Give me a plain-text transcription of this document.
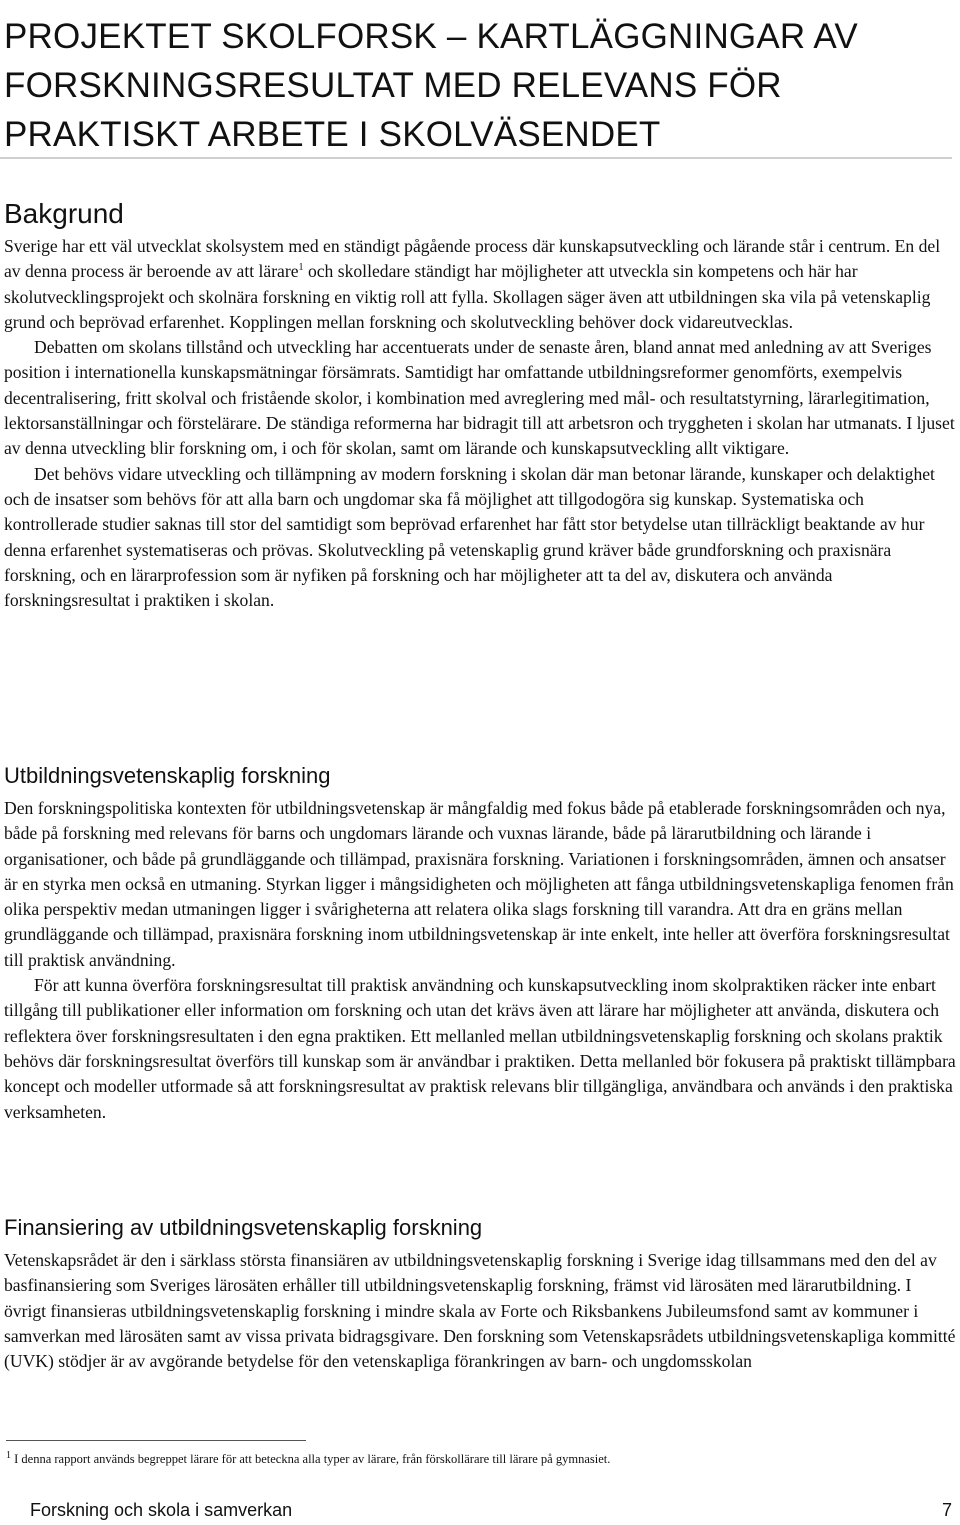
PROJEKTET SKOLFORSK – KARTLÄGGNINGAR AV
FORSKNINGSRESULTAT MED RELEVANS FÖR
PRAKTISKT ARBETE I SKOLVÄSENDET
Bakgrund

Sverige har ett väl utvecklat skolsystem med en ständigt pågående process där kunskapsutveckling och lärande står i centrum. En del av denna process är beroende av att lärare$^1$ och skolledare ständigt har möjligheter att utveckla sin kompetens och här har skolutvecklingsprojekt och skolnära forskning en viktig roll att fylla. Skollagen säger även att utbildningen ska vila på vetenskaplig grund och beprövad erfarenhet. Kopplingen mellan forskning och skolutveckling behöver dock vidareutvecklas.

Debatten om skolans tillstånd och utveckling har accentuerats under de senaste åren, bland annat med anledning av att Sveriges position i internationella kunskapsmätningar försämrats. Samtidigt har omfattande utbildningsreformer genomförts, exempelvis decentralisering, fritt skolval och fristående skolor, i kombination med avreglering med mål- och resultatstyrning, lärarlegitimation, lektorsanställningar och förstelärare. De ständiga reformerna har bidragit till att arbetsron och tryggheten i skolan har utmanats. I ljuset av denna utveckling blir forskning om, i och för skolan, samt om lärande och kunskapsutveckling allt viktigare.

Det behövs vidare utveckling och tillämpning av modern forskning i skolan där man betonar lärande, kunskaper och delaktighet och de insatser som behövs för att alla barn och ungdomar ska få möjlighet att tillgodogöra sig kunskap. Systematiska och kontrollerade studier saknas till stor del samtidigt som beprövad erfarenhet har fått stor betydelse utan tillräckligt beaktande av hur denna erfarenhet systematiseras och prövas. Skolutveckling på vetenskaplig grund kräver både grundforskning och praxisnära forskning, och en lärarprofession som är nyfiken på forskning och har möjligheter att ta del av, diskutera och använda forskningsresultat i praktiken i skolan.

Utbildningsvetenskaplig forskning

Den forskningspolitiska kontexten för utbildningsvetenskap är mångfaldig med fokus både på etablerade forskningsområden och nya, både på forskning med relevans för barns och ungdomars lärande och vuxnas lärande, både på lärarutbildning och lärande i organisationer, och både på grundläggande och tillämpad, praxisnära forskning. Variationen i forskningsområden, ämnen och ansatser är en styrka men också en utmaning. Styrkan ligger i mångsidigheten och möjligheten att fånga utbildningsvetenskapliga fenomen från olika perspektiv medan utmaningen ligger i svårigheterna att relatera olika slags forskning till varandra. Att dra en gräns mellan grundläggande och tillämpad, praxisnära forskning inom utbildningsvetenskap är inte enkelt, inte heller att överföra forskningsresultat till praktisk användning.

För att kunna överföra forskningsresultat till praktisk användning och kunskapsutveckling inom skolpraktiken räcker inte enbart tillgång till publikationer eller information om forskning och utan det krävs även att lärare har möjligheter att använda, diskutera och reflektera över forskningsresultaten i den egna praktiken. Ett mellanled mellan utbildningsvetenskaplig forskning och skolans praktik behövs där forskningsresultat överförs till kunskap som är användbar i praktiken. Detta mellanled bör fokusera på praktiskt tillämpbara koncept och modeller utformade så att forskningsresultat av praktisk relevans blir tillgängliga, användbara och används i den praktiska verksamheten.

Finansiering av utbildningsvetenskaplig forskning

Vetenskapsrådet är den i särklass största finansiären av utbildningsvetenskaplig forskning i Sverige idag tillsammans med den del av basfinansiering som Sveriges lärosäten erhåller till utbildningsvetenskaplig forskning, främst vid lärosäten med lärarutbildning. I övrigt finansieras utbildningsvetenskaplig forskning i mindre skala av Forte och Riksbankens Jubileumsfond samt av kommuner i samverkan med lärosäten samt av vissa privata bidragsgivare. Den forskning som Vetenskapsrådets utbildningsvetenskapliga kommitté (UVK) stödjer är av avgörande betydelse för den vetenskapliga förankringen av barn- och ungdomsskolan

$^1$ I denna rapport används begreppet lärare för att beteckna alla typer av lärare, från förskollärare till lärare på gymnasiet.
Forskning och skola i samverkan	7
